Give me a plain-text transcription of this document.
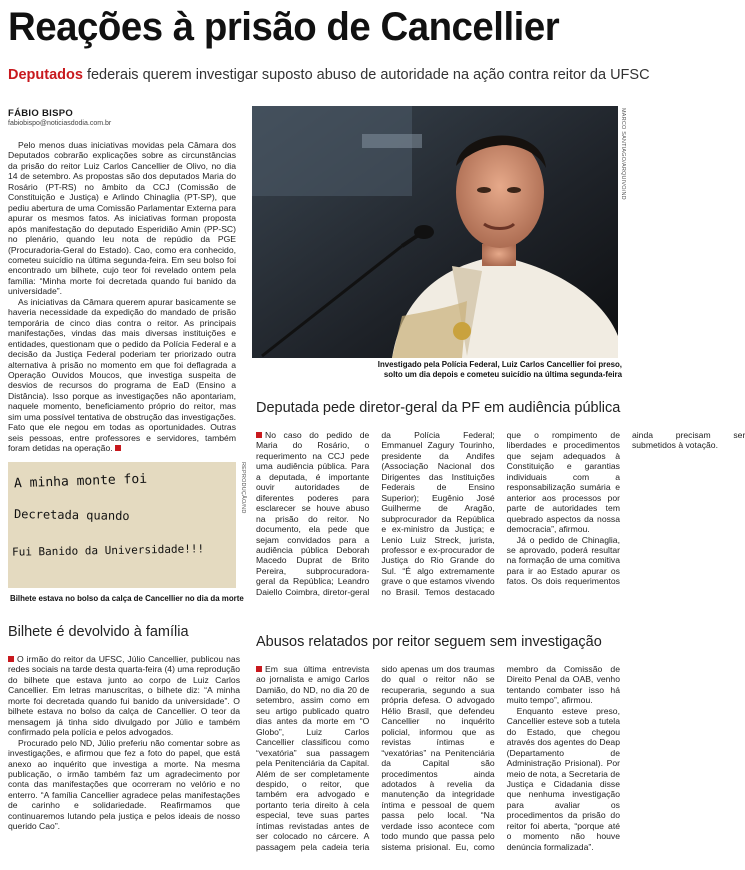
Reações à prisão de Cancellier
Deputados federais querem investigar suposto abuso de autoridade na ação contra reitor da UFSC
FÁBIO BISPO
fabiobispo@noticiasdodia.com.br

Pelo menos duas iniciativas movidas pela Câmara dos Deputados cobrarão explicações sobre as circunstâncias da prisão do reitor Luiz Carlos Cancellier de Olivo, no dia 14 de setembro. As propostas são dos deputados Maria do Rosário (PT-RS) no âmbito da CCJ (Comissão de Constituição e Justiça) e Arlindo Chinaglia (PT-SP), que pediu abertura de uma Comissão Parlamentar Externa para apurar os mesmos fatos. As iniciativas forman proposta após manifestação do deputado Esperidião Amin (PP-SC) no plenário, quando leu nota de repúdio da PGE (Procuradoria-Geral do Estado). Cao, como era conhecido, cometeu suicídio na última segunda-feira. Em seu bolso foi encontrado um bilhete, cujo teor foi revelado ontem pela família: “Minha morte foi decretada quando fui banido da universidade”.

As iniciativas da Câmara querem apurar basicamente se haveria necessidade da expedição do mandado de prisão temporária de cinco dias contra o reitor. As principais manifestações, vindas das mais diversas instituições e entidades, questionam que o pedido da Polícia Federal e a decisão da Justiça Federal poderiam ter priorizado outra alternativa à prisão no momento em que foi deflagrada a Operação Ouvidos Moucos, que investiga suspeita de desvios de recursos do programa de EaD (Ensino a Distância). Isso porque as investigações não apontariam, naquele momento, beneficiamento próprio do reitor, mas sim uma possível tentativa de obstrução das investigações. Fato que ele negou em todas as oportunidades. Outras seis pessoas, entre professores e servidores, também foram detidas na operação.

MARCO SANTIAGO/ARQUIVO/ND
Investigado pela Polícia Federal, Luiz Carlos Cancellier foi preso, solto um dia depois e cometeu suicídio na última segunda-feira
Deputada pede diretor-geral da PF em audiência pública

No caso do pedido de Maria do Rosário, o requerimento na CCJ pede uma audiência pública. Para a deputada, é importante ouvir autoridades de diferentes poderes para esclarecer se houve abuso na prisão do reitor. No documento, ela pede que sejam convidados para a audiência pública Deborah Macedo Duprat de Brito Pereira, subprocuradora-geral da República; Leandro Daiello Coimbra, diretor-geral da Polícia Federal; Emmanuel Zagury Tourinho, presidente da Andifes (Associação Nacional dos Dirigentes das Instituições Federais de Ensino Superior); Eugênio José Guilherme de Aragão, subprocurador da República e ex-ministro da Justiça; e Lenio Luiz Streck, jurista, professor e ex-procurador de Justiça do Rio Grande do Sul. “É algo extremamente grave o que estamos vivendo no Brasil. Temos destacado que o rompimento de liberdades e procedimentos que sejam adequados à Constituição e garantias individuais com a responsabilização sumária e anterior aos processos por parte de autoridades tem quebrado aspectos da nossa democracia”, afirmou.

Já o pedido de Chinaglia, se aprovado, poderá resultar na formação de uma comitiva para ir ao Estado apurar os fatos. Os dois requerimentos ainda precisam ser submetidos à votação.

A minha monte foi
Decretada quando
Fui Banido da Universidade!!!
REPRODUÇÃO/ND
Bilhete estava no bolso da calça de Cancellier no dia da morte
Bilhete é devolvido à família

O irmão do reitor da UFSC, Júlio Cancellier, publicou nas redes sociais na tarde desta quarta-feira (4) uma reprodução do bilhete que estava junto ao corpo de Luiz Carlos Cancellier. Em letras manuscritas, o bilhete diz: “A minha morte foi decretada quando fui banido da universidade”. O bilhete estava no bolso da calça de Cancellier. O teor da mensagem já tinha sido divulgado por Júlio e também confirmado pela polícia e pelos advogados.

Procurado pelo ND, Júlio preferiu não comentar sobre as investigações, e afirmou que fez a foto do papel, que está anexo ao inquérito que investiga a morte. Na mesma publicação, o irmão também faz um agradecimento por conta das manifestações que ocorreram no velório e no enterro. “A família Cancellier agradece pelas manifestações de carinho e solidariedade. Reafirmamos que continuaremos lutando pela justiça e pelos ideais de nosso querido Cao”.

Abusos relatados por reitor seguem sem investigação

Em sua última entrevista ao jornalista e amigo Carlos Damião, do ND, no dia 20 de setembro, assim como em seu artigo publicado quatro dias antes da morte em “O Globo”, Luiz Carlos Cancellier classificou como “vexatória” sua passagem pela Penitenciária da Capital. Além de ser completamente despido, o reitor, que também era advogado e portanto teria direito à cela especial, teve suas partes íntimas revistadas antes de ser colocado no cárcere. A passagem pela cadeia teria sido apenas um dos traumas do qual o reitor não se recuperaria, segundo a sua própria defesa. O advogado Hélio Brasil, que defendeu Cancellier no inquérito policial, informou que as revistas íntimas e “vexatórias” na Penitenciária da Capital são procedimentos ainda adotados à revelia da manutenção da integridade íntima e pessoal de quem passa pelo local. “Na verdade isso acontece com todo mundo que passa pelo sistema prisional. Eu, como membro da Comissão de Direito Penal da OAB, venho tentando combater isso há muito tempo”, afirmou.

Enquanto esteve preso, Cancellier esteve sob a tutela do Estado, que chegou através dos agentes do Deap (Departamento de Administração Prisional). Por meio de nota, a Secretaria de Justiça e Cidadania disse que nenhuma investigação para avaliar os procedimentos da prisão do reitor foi aberta, “porque até o momento não houve denúncia formalizada”.
